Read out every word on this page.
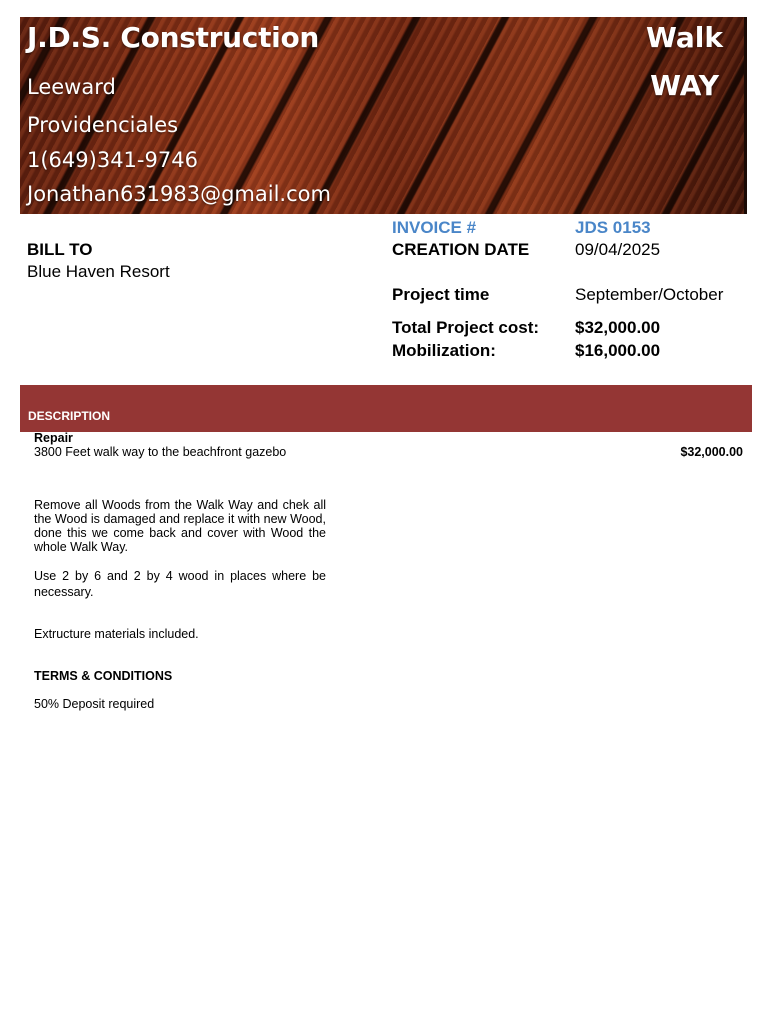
J.D.S. Construction
Leeward
Providenciales
1(649)341-9746
Jonathan631983@gmail.com
Walk
WAY
BILL TO
Blue Haven Resort
INVOICE #	JDS 0153
CREATION DATE	09/04/2025
Project time	September/October
Total Project cost: $32,000.00
Mobilization:	$16,000.00
DESCRIPTION
Repair
3800 Feet walk way to the beachfront gazebo	$32,000.00
Remove all Woods from the Walk Way and chek all the Wood is damaged and replace it with new Wood, done this we come back and cover with Wood the whole Walk Way.
Use 2 by 6 and 2 by 4 wood in places where be necessary.
Extructure materials included.
TERMS & CONDITIONS
50% Deposit required
